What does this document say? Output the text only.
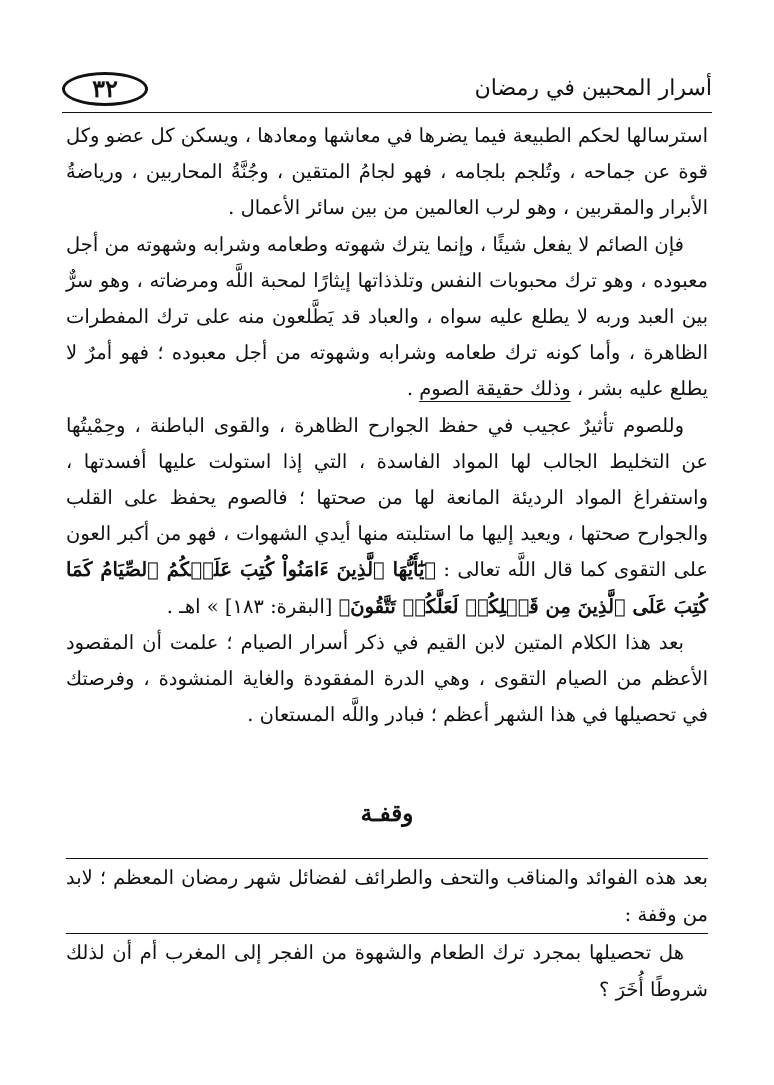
٣٢	أسرار المحبين في رمضان

استرسالها لحكم الطبيعة فيما يضرها في معاشها ومعادها ، ويسكن كل عضو وكل قوة عن جماحه ، وتُلجم بلجامه ، فهو لجامُ المتقين ، وجُنَّةُ المحاربين ، ورياضةُ الأبرار والمقربين ، وهو لرب العالمين من بين سائر الأعمال .

فإن الصائم لا يفعل شيئًا ، وإنما يترك شهوته وطعامه وشرابه وشهوته من أجل معبوده ، وهو ترك محبوبات النفس وتلذذاتها إيثارًا لمحبة اللَّه ومرضاته ، وهو سرٌّ بين العبد وربه لا يطلع عليه سواه ، والعباد قد يَطَّلعون منه على ترك المفطرات الظاهرة ، وأما كونه ترك طعامه وشرابه وشهوته من أجل معبوده ؛ فهو أمرٌ لا يطلع عليه بشر ، وذلك حقيقة الصوم .

وللصوم تأثيرٌ عجيب في حفظ الجوارح الظاهرة ، والقوى الباطنة ، وحِمْيتُها عن التخليط الجالب لها المواد الفاسدة ، التي إذا استولت عليها أفسدتها ، واستفراغ المواد الرديئة المانعة لها من صحتها ؛ فالصوم يحفظ على القلب والجوارح صحتها ، ويعيد إليها ما استلبته منها أيدي الشهوات ، فهو من أكبر العون على التقوى كما قال اللَّه تعالى : ﴿يَٰٓأَيُّهَا ٱلَّذِينَ ءَامَنُواْ كُتِبَ عَلَيۡكُمُ ٱلصِّيَامُ كَمَا كُتِبَ عَلَى ٱلَّذِينَ مِن قَبۡلِكُمۡ لَعَلَّكُمۡ تَتَّقُونَ﴾ [البقرة: ١٨٣] » اهـ .

بعد هذا الكلام المتين لابن القيم في ذكر أسرار الصيام ؛ علمت أن المقصود الأعظم من الصيام التقوى ، وهي الدرة المفقودة والغاية المنشودة ، وفرصتك في تحصيلها في هذا الشهر أعظم ؛ فبادر واللَّه المستعان .

وقفـة

بعد هذه الفوائد والمناقب والتحف والطرائف لفضائل شهر رمضان المعظم ؛ لابد من وقفة :

هل تحصيلها بمجرد ترك الطعام والشهوة من الفجر إلى المغرب أم أن لذلك شروطًا أُخَرَ ؟
